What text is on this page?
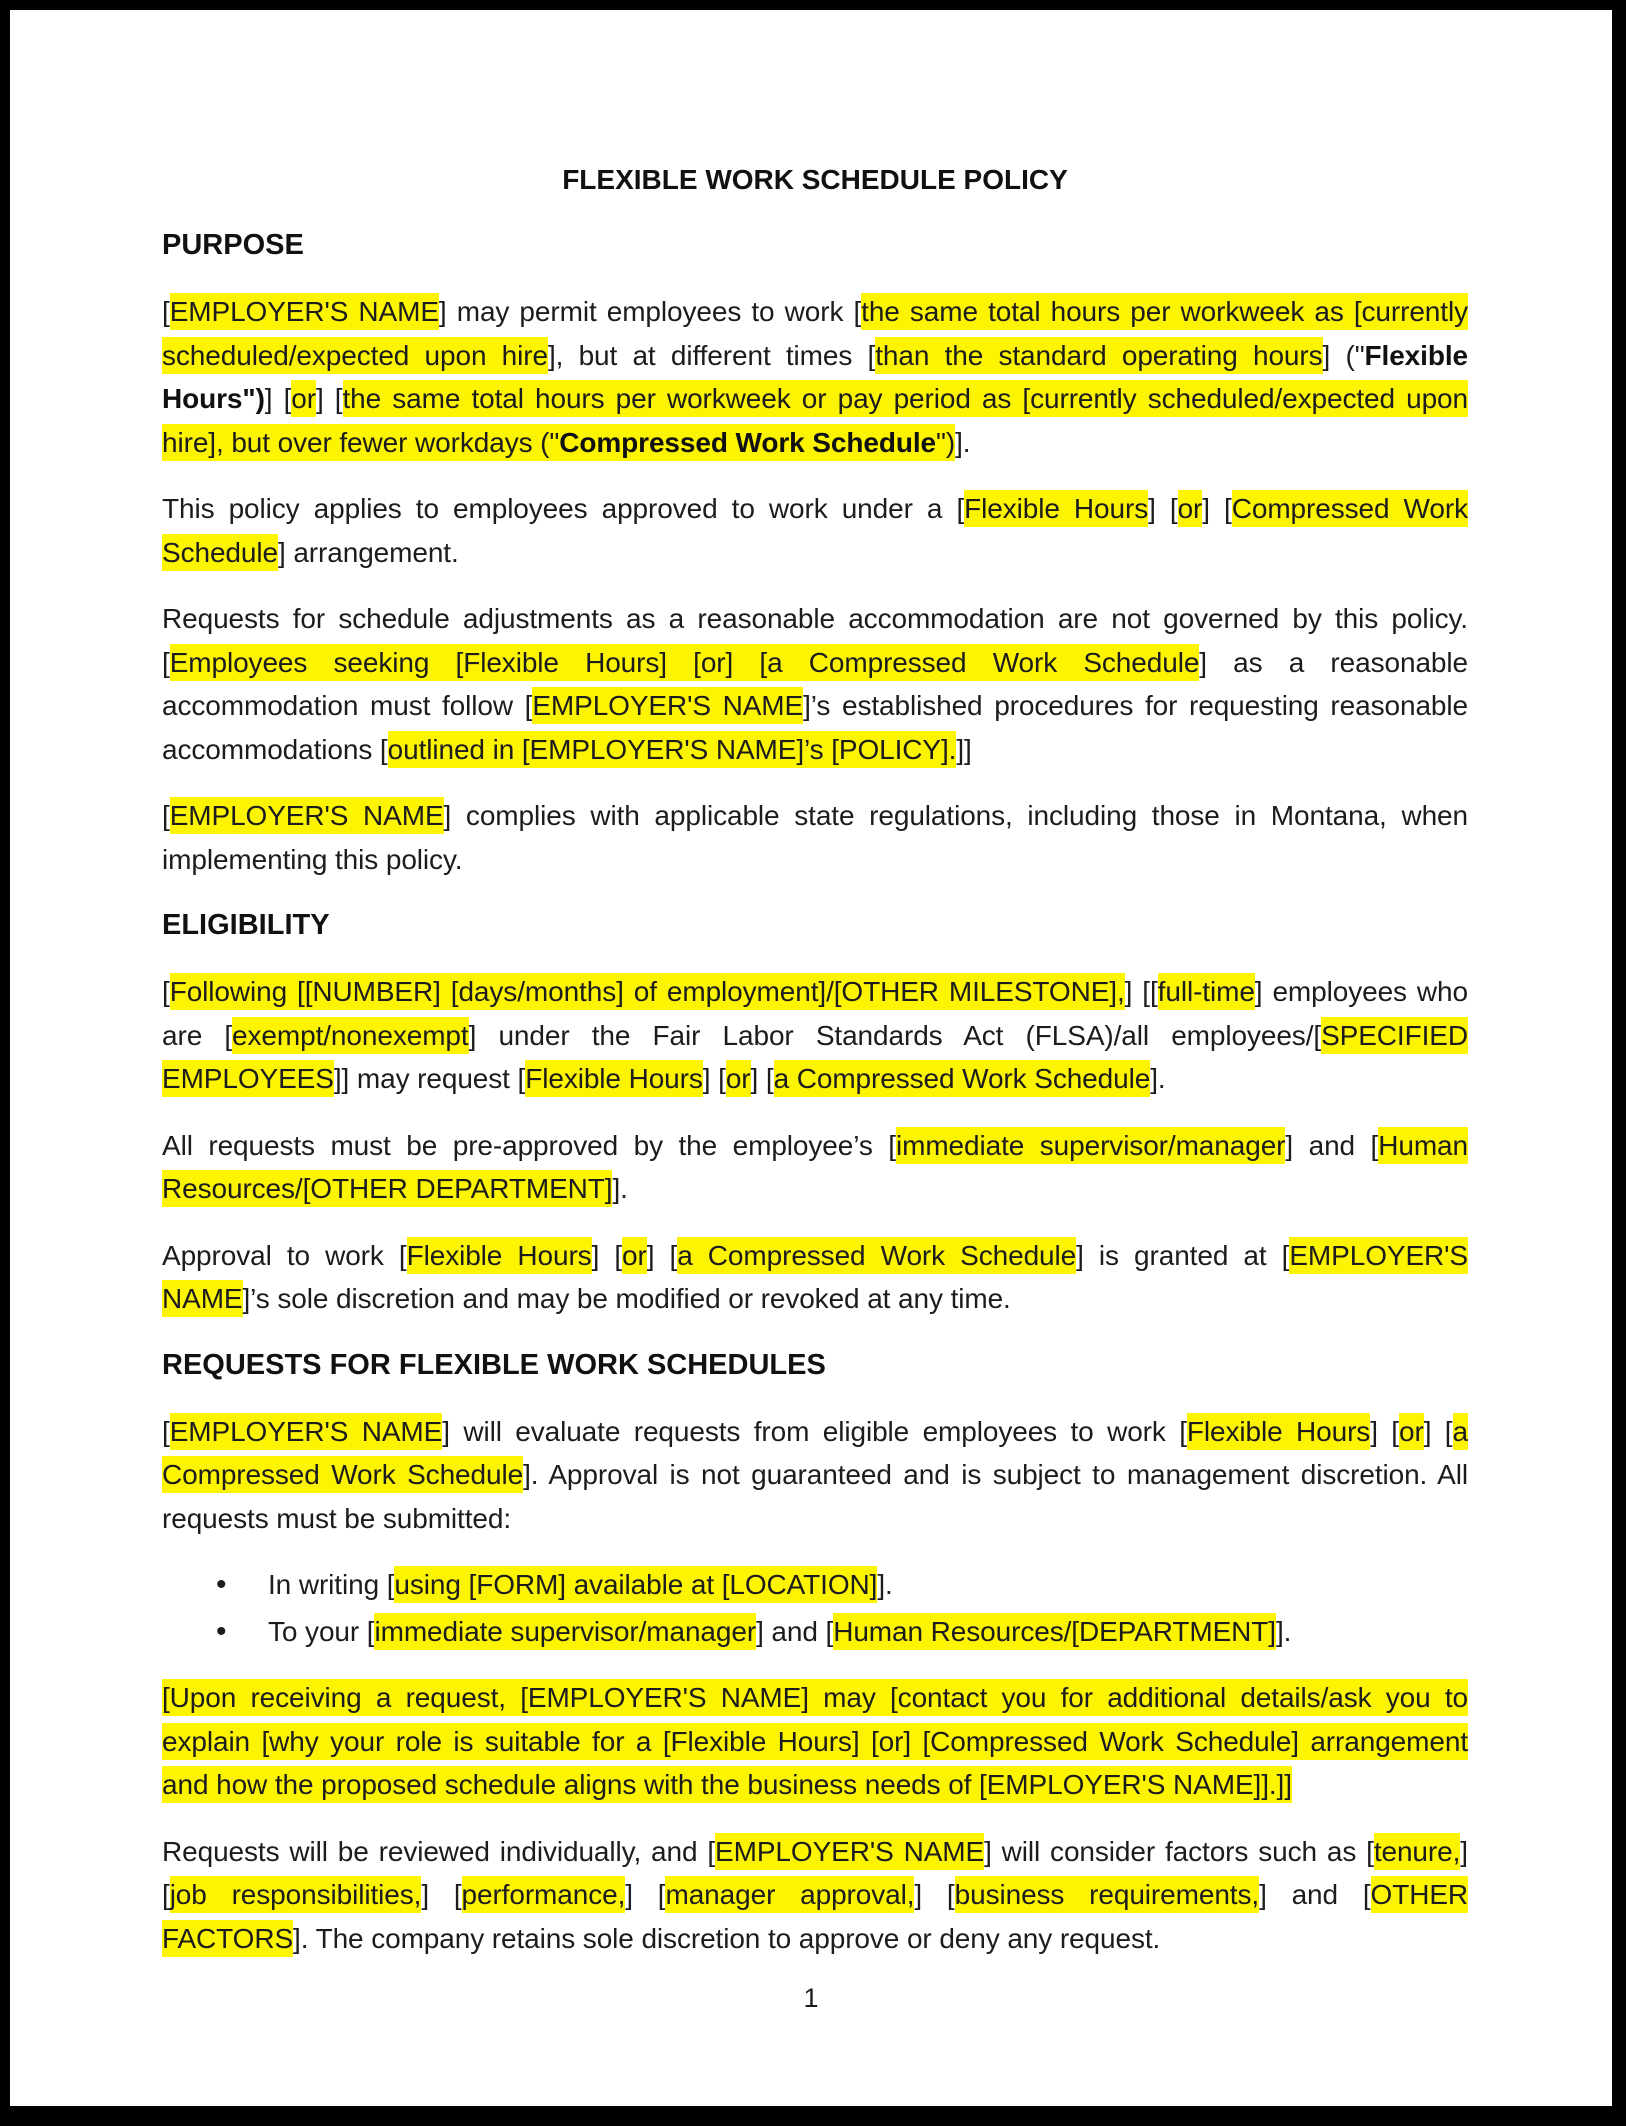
FLEXIBLE WORK SCHEDULE POLICY
PURPOSE

[EMPLOYER'S NAME] may permit employees to work [the same total hours per workweek as [currently scheduled/expected upon hire], but at different times [than the standard operating hours] ("Flexible Hours")] [or] [the same total hours per workweek or pay period as [currently scheduled/expected upon hire], but over fewer workdays ("Compressed Work Schedule")].

This policy applies to employees approved to work under a [Flexible Hours] [or] [Compressed Work Schedule] arrangement.

Requests for schedule adjustments as a reasonable accommodation are not governed by this policy. [Employees seeking [Flexible Hours] [or] [a Compressed Work Schedule] as a reasonable accommodation must follow [EMPLOYER'S NAME]’s established procedures for requesting reasonable accommodations [outlined in [EMPLOYER'S NAME]’s [POLICY].]]

[EMPLOYER'S NAME] complies with applicable state regulations, including those in Montana, when implementing this policy.

ELIGIBILITY

[Following [[NUMBER] [days/months] of employment]/[OTHER MILESTONE],] [[full-time] employees who are [exempt/nonexempt] under the Fair Labor Standards Act (FLSA)/all employees/[SPECIFIED EMPLOYEES]] may request [Flexible Hours] [or] [a Compressed Work Schedule].

All requests must be pre-approved by the employee’s [immediate supervisor/manager] and [Human Resources/[OTHER DEPARTMENT]].

Approval to work [Flexible Hours] [or] [a Compressed Work Schedule] is granted at [EMPLOYER'S NAME]’s sole discretion and may be modified or revoked at any time.

REQUESTS FOR FLEXIBLE WORK SCHEDULES

[EMPLOYER'S NAME] will evaluate requests from eligible employees to work [Flexible Hours] [or] [a Compressed Work Schedule]. Approval is not guaranteed and is subject to management discretion. All requests must be submitted:

• In writing [using [FORM] available at [LOCATION]].
• To your [immediate supervisor/manager] and [Human Resources/[DEPARTMENT]].

[Upon receiving a request, [EMPLOYER'S NAME] may [contact you for additional details/ask you to explain [why your role is suitable for a [Flexible Hours] [or] [Compressed Work Schedule] arrangement and how the proposed schedule aligns with the business needs of [EMPLOYER'S NAME]].]]

Requests will be reviewed individually, and [EMPLOYER'S NAME] will consider factors such as [tenure,] [job responsibilities,] [performance,] [manager approval,] [business requirements,] and [OTHER FACTORS]. The company retains sole discretion to approve or deny any request.

1
